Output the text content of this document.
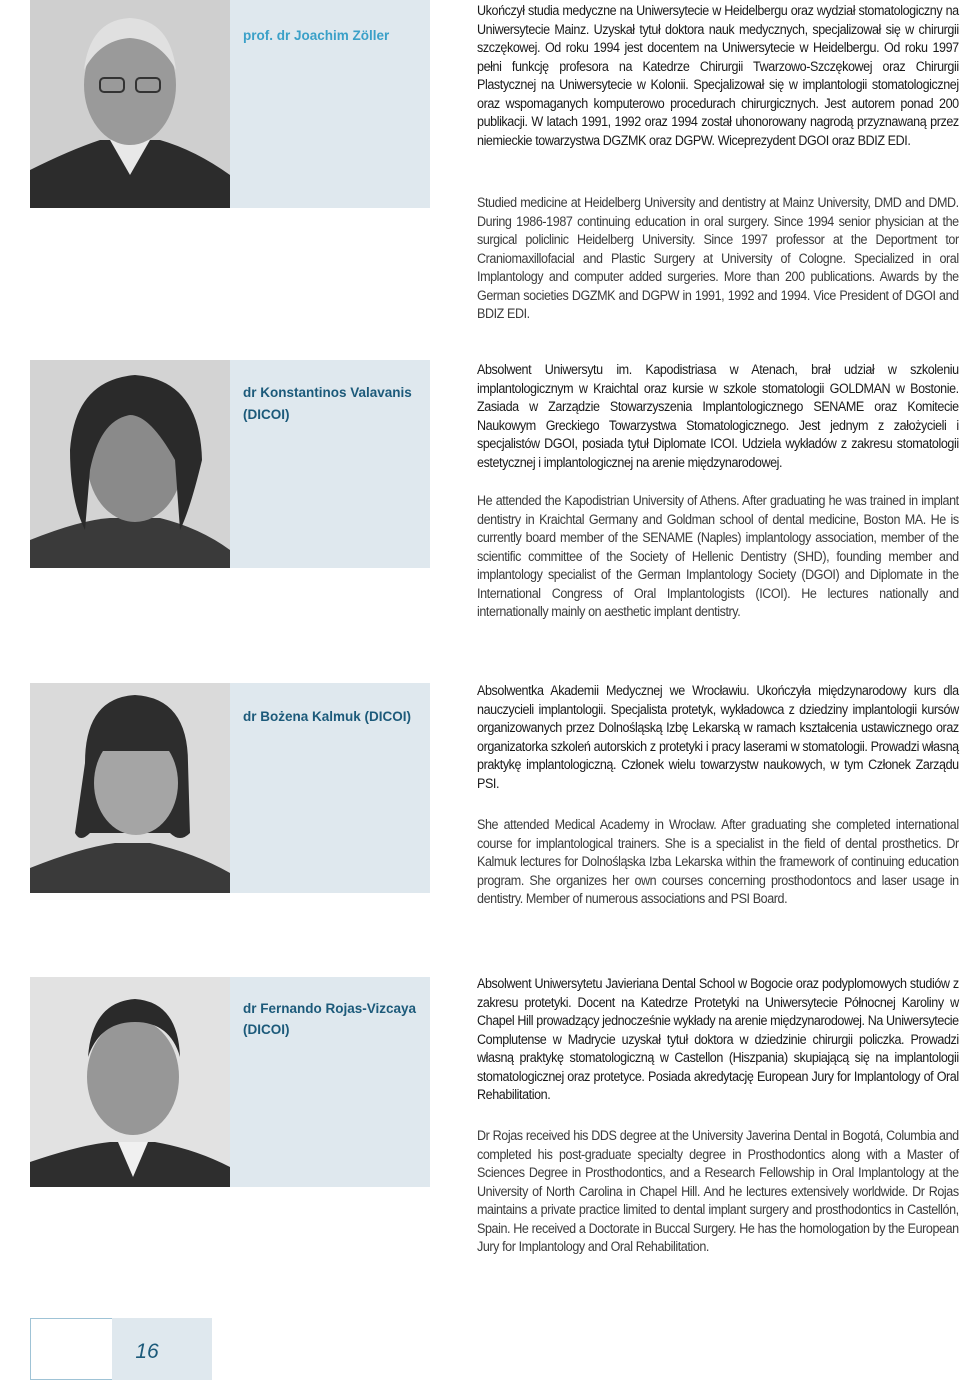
prof. dr Joachim Zöller

Ukończył studia medyczne na Uniwersytecie w Heidelbergu oraz wydział stomatologiczny na Uniwersytecie Mainz. Uzyskał tytuł doktora nauk medycznych, specjalizował się w chirurgii szczękowej. Od roku 1994 jest docentem na Uniwersytecie w Heidelbergu. Od roku 1997 pełni funkcję profesora na Katedrze Chirurgii Twarzowo-Szczękowej oraz Chirurgii Plastycznej na Uniwersytecie w Kolonii. Specjalizował się w implantologii stomatologicznej oraz wspomaganych komputerowo procedurach chirurgicznych. Jest autorem ponad 200 publikacji. W latach 1991, 1992 oraz 1994 został uhonorowany nagrodą przyznawaną przez niemieckie towarzystwa DGZMK oraz DGPW. Wiceprezydent DGOI oraz BDIZ EDI.

Studied medicine at Heidelberg University and dentistry at Mainz University, DMD and DMD. During 1986-1987 continuing education in oral surgery. Since 1994 senior physician at the surgical policlinic Heidelberg University. Since 1997 professor at the Deportment tor Craniomaxillofacial and Plastic Surgery at University of Cologne. Specialized in oral Implantology and computer added surgeries. More than 200 publications. Awards by the German societies DGZMK and DGPW in 1991, 1992 and 1994. Vice President of DGOI and BDIZ EDI.

dr Konstantinos Valavanis
(DICOI)

Absolwent Uniwersytu im. Kapodistriasa w Atenach, brał udział w szkoleniu implantologicznym w Kraichtal oraz kursie w szkole stomatologii GOLDMAN w Bostonie. Zasiada w Zarządzie Stowarzyszenia Implantologicznego SENAME oraz Komitecie Naukowym Greckiego Towarzystwa Stomatologicznego. Jest jednym z założycieli i specjalistów DGOI, posiada tytuł Diplomate ICOI. Udziela wykładów z zakresu stomatologii estetycznej i implantologicznej na arenie międzynarodowej.

He attended the Kapodistrian University of Athens. After graduating he was trained in implant dentistry in Kraichtal Germany and Goldman school of dental medicine, Boston MA. He is currently board member of the SENAME (Naples) implantology association, member of the scientific committee of the Society of Hellenic Dentistry (SHD), founding member and implantology specialist of the German Implantology Society (DGOI) and Diplomate in the International Congress of Oral Implantologists (ICOI). He lectures nationally and internationally mainly on aesthetic implant dentistry.

dr Bożena Kalmuk (DICOI)

Absolwentka Akademii Medycznej we Wrocławiu. Ukończyła międzynarodowy kurs dla nauczycieli implantologii. Specjalista protetyk, wykładowca z dziedziny implantologii kursów organizowanych przez Dolnośląską Izbę Lekarską w ramach kształcenia ustawicznego oraz organizatorka szkoleń autorskich z protetyki i pracy laserami w stomatologii. Prowadzi własną praktykę implantologiczną. Członek wielu towarzystw naukowych, w tym Członek Zarządu PSI.

She attended Medical Academy in Wrocław. After graduating she completed international course for implantological trainers. She is a specialist in the field of dental prosthetics. Dr Kalmuk lectures for Dolnośląska Izba Lekarska within the framework of continuing education program. She organizes her own courses concerning prosthodontocs and laser usage in dentistry. Member of numerous associations and PSI Board.

dr Fernando Rojas-Vizcaya
(DICOI)

Absolwent Uniwersytetu Javieriana Dental School w Bogocie oraz podyplomowych studiów z zakresu protetyki. Docent na Katedrze Protetyki na Uniwersytecie Północnej Karoliny w Chapel Hill prowadzący jednocześnie wykłady na arenie międzynarodowej. Na Uniwersytecie Complutense w Madrycie uzyskał tytuł doktora w dziedzinie chirurgii policzka. Prowadzi własną praktykę stomatologiczną w Castellon (Hiszpania) skupiającą się na implantologii stomatologicznej oraz protetyce. Posiada akredytację European Jury for Implantology of Oral Rehabilitation.

Dr Rojas received his DDS degree at the University Javerina Dental in Bogotá, Columbia and completed his post-graduate specialty degree in Prosthodontics along with a Master of Sciences Degree in Prosthodontics, and a Research Fellowship in Oral Implantology at the University of North Carolina in Chapel Hill. And he lectures extensively worldwide. Dr Rojas maintains a private practice limited to dental implant surgery and prosthodontics in Castellón, Spain. He received a Doctorate in Buccal Surgery. He has the homologation by the European Jury for Implantology and Oral Rehabilitation.

16
